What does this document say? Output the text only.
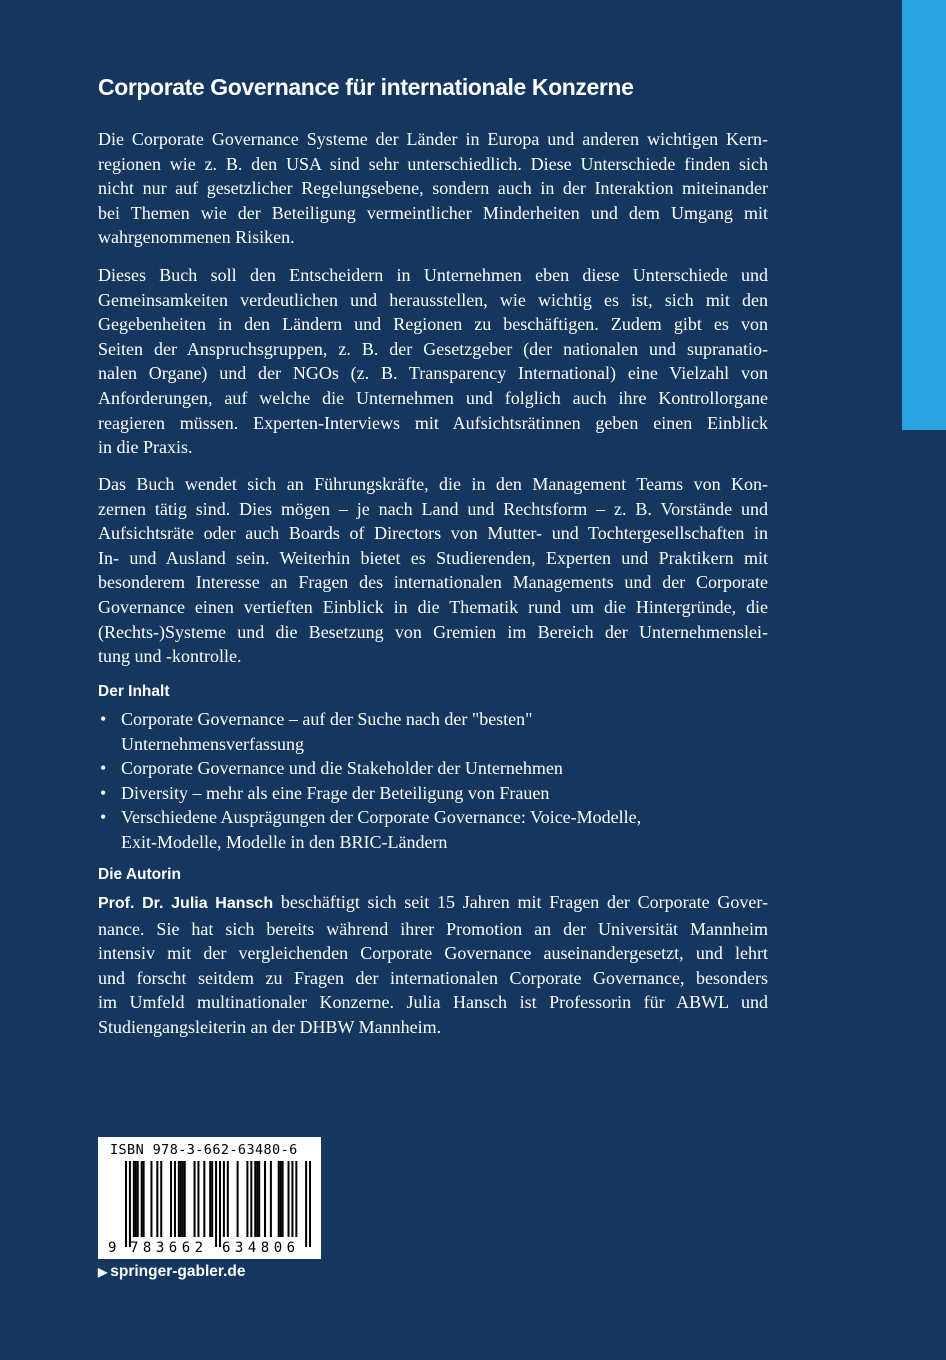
Corporate Governance für internationale Konzerne

Die Corporate Governance Systeme der Länder in Europa und anderen wichtigen Kern-
regionen wie z. B. den USA sind sehr unterschiedlich. Diese Unterschiede finden sich
nicht nur auf gesetzlicher Regelungsebene, sondern auch in der Interaktion miteinander
bei Themen wie der Beteiligung vermeintlicher Minderheiten und dem Umgang mit
wahrgenommenen Risiken.

Dieses Buch soll den Entscheidern in Unternehmen eben diese Unterschiede und
Gemeinsamkeiten verdeutlichen und herausstellen, wie wichtig es ist, sich mit den
Gegebenheiten in den Ländern und Regionen zu beschäftigen. Zudem gibt es von
Seiten der Anspruchsgruppen, z. B. der Gesetzgeber (der nationalen und supranatio-
nalen Organe) und der NGOs (z. B. Transparency International) eine Vielzahl von
Anforderungen, auf welche die Unternehmen und folglich auch ihre Kontrollorgane
reagieren müssen. Experten-Interviews mit Aufsichtsrätinnen geben einen Einblick
in die Praxis.

Das Buch wendet sich an Führungskräfte, die in den Management Teams von Kon-
zernen tätig sind. Dies mögen – je nach Land und Rechtsform – z. B. Vorstände und
Aufsichtsräte oder auch Boards of Directors von Mutter- und Tochtergesellschaften in
In- und Ausland sein. Weiterhin bietet es Studierenden, Experten und Praktikern mit
besonderem Interesse an Fragen des internationalen Managements und der Corporate
Governance einen vertieften Einblick in die Thematik rund um die Hintergründe, die
(Rechts-)Systeme und die Besetzung von Gremien im Bereich der Unternehmenslei-
tung und -kontrolle.

Der Inhalt
• Corporate Governance – auf der Suche nach der "besten"
Unternehmensverfassung
• Corporate Governance und die Stakeholder der Unternehmen
• Diversity – mehr als eine Frage der Beteiligung von Frauen
• Verschiedene Ausprägungen der Corporate Governance: Voice-Modelle,
Exit-Modelle, Modelle in den BRIC-Ländern
Die Autorin

Prof. Dr. Julia Hansch beschäftigt sich seit 15 Jahren mit Fragen der Corporate Gover-
nance. Sie hat sich bereits während ihrer Promotion an der Universität Mannheim
intensiv mit der vergleichenden Corporate Governance auseinandergesetzt, und lehrt
und forscht seitdem zu Fragen der internationalen Corporate Governance, besonders
im Umfeld multinationaler Konzerne. Julia Hansch ist Professorin für ABWL und
Studiengangsleiterin an der DHBW Mannheim.

ISBN 978-3-662-63480-6
9 783662 634806
▶ springer-gabler.de
